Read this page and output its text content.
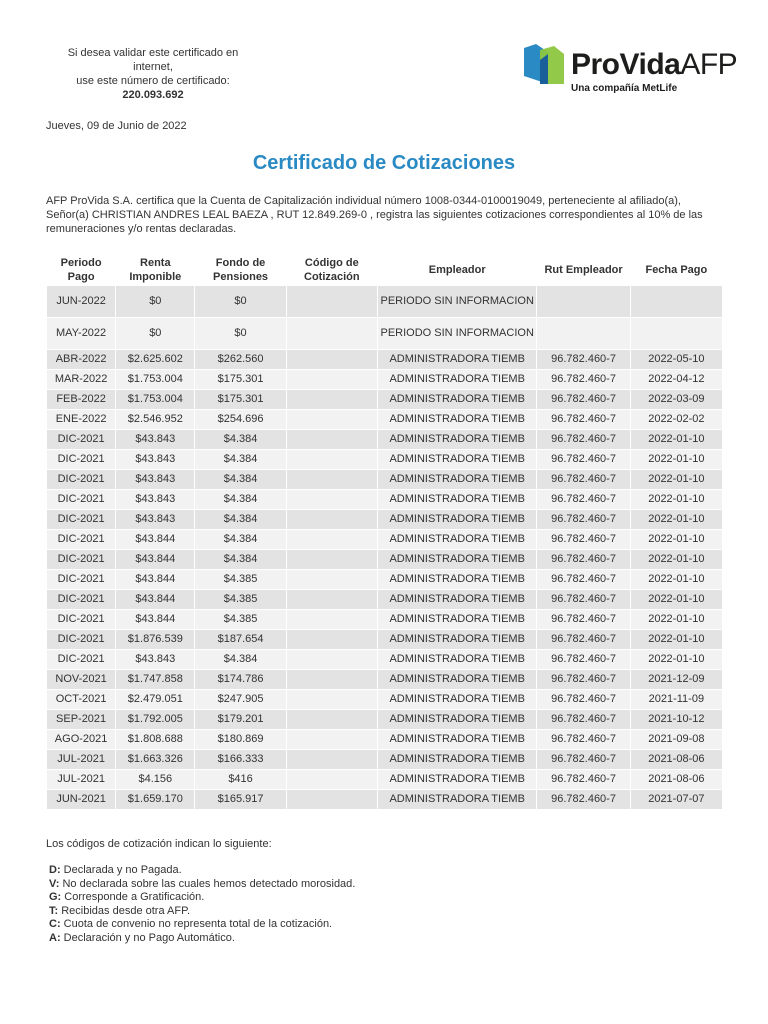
Si desea validar este certificado en
internet,
use este número de certificado:
220.093.692
ProVidaAFP
Una compañía MetLife
Jueves, 09 de Junio de 2022
Certificado de Cotizaciones
AFP ProVida S.A. certifica que la Cuenta de Capitalización individual número 1008-0344-0100019049, perteneciente al afiliado(a), Señor(a) CHRISTIAN ANDRES LEAL BAEZA , RUT 12.849.269-0 , registra las siguientes cotizaciones correspondientes al 10% de las remuneraciones y/o rentas declaradas.
Periodo Pago	Renta Imponible	Fondo de Pensiones	Código de Cotización	Empleador	Rut Empleador	Fecha Pago
JUN-2022	$0	$0		PERIODO SIN INFORMACION		
MAY-2022	$0	$0		PERIODO SIN INFORMACION		
ABR-2022	$2.625.602	$262.560		ADMINISTRADORA TIEMB	96.782.460-7	2022-05-10
MAR-2022	$1.753.004	$175.301		ADMINISTRADORA TIEMB	96.782.460-7	2022-04-12
FEB-2022	$1.753.004	$175.301		ADMINISTRADORA TIEMB	96.782.460-7	2022-03-09
ENE-2022	$2.546.952	$254.696		ADMINISTRADORA TIEMB	96.782.460-7	2022-02-02
DIC-2021	$43.843	$4.384		ADMINISTRADORA TIEMB	96.782.460-7	2022-01-10
DIC-2021	$43.843	$4.384		ADMINISTRADORA TIEMB	96.782.460-7	2022-01-10
DIC-2021	$43.843	$4.384		ADMINISTRADORA TIEMB	96.782.460-7	2022-01-10
DIC-2021	$43.843	$4.384		ADMINISTRADORA TIEMB	96.782.460-7	2022-01-10
DIC-2021	$43.843	$4.384		ADMINISTRADORA TIEMB	96.782.460-7	2022-01-10
DIC-2021	$43.844	$4.384		ADMINISTRADORA TIEMB	96.782.460-7	2022-01-10
DIC-2021	$43.844	$4.384		ADMINISTRADORA TIEMB	96.782.460-7	2022-01-10
DIC-2021	$43.844	$4.385		ADMINISTRADORA TIEMB	96.782.460-7	2022-01-10
DIC-2021	$43.844	$4.385		ADMINISTRADORA TIEMB	96.782.460-7	2022-01-10
DIC-2021	$43.844	$4.385		ADMINISTRADORA TIEMB	96.782.460-7	2022-01-10
DIC-2021	$1.876.539	$187.654		ADMINISTRADORA TIEMB	96.782.460-7	2022-01-10
DIC-2021	$43.843	$4.384		ADMINISTRADORA TIEMB	96.782.460-7	2022-01-10
NOV-2021	$1.747.858	$174.786		ADMINISTRADORA TIEMB	96.782.460-7	2021-12-09
OCT-2021	$2.479.051	$247.905		ADMINISTRADORA TIEMB	96.782.460-7	2021-11-09
SEP-2021	$1.792.005	$179.201		ADMINISTRADORA TIEMB	96.782.460-7	2021-10-12
AGO-2021	$1.808.688	$180.869		ADMINISTRADORA TIEMB	96.782.460-7	2021-09-08
JUL-2021	$1.663.326	$166.333		ADMINISTRADORA TIEMB	96.782.460-7	2021-08-06
JUL-2021	$4.156	$416		ADMINISTRADORA TIEMB	96.782.460-7	2021-08-06
JUN-2021	$1.659.170	$165.917		ADMINISTRADORA TIEMB	96.782.460-7	2021-07-07
Los códigos de cotización indican lo siguiente:
D: Declarada y no Pagada.
V: No declarada sobre las cuales hemos detectado morosidad.
G: Corresponde a Gratificación.
T: Recibidas desde otra AFP.
C: Cuota de convenio no representa total de la cotización.
A: Declaración y no Pago Automático.
